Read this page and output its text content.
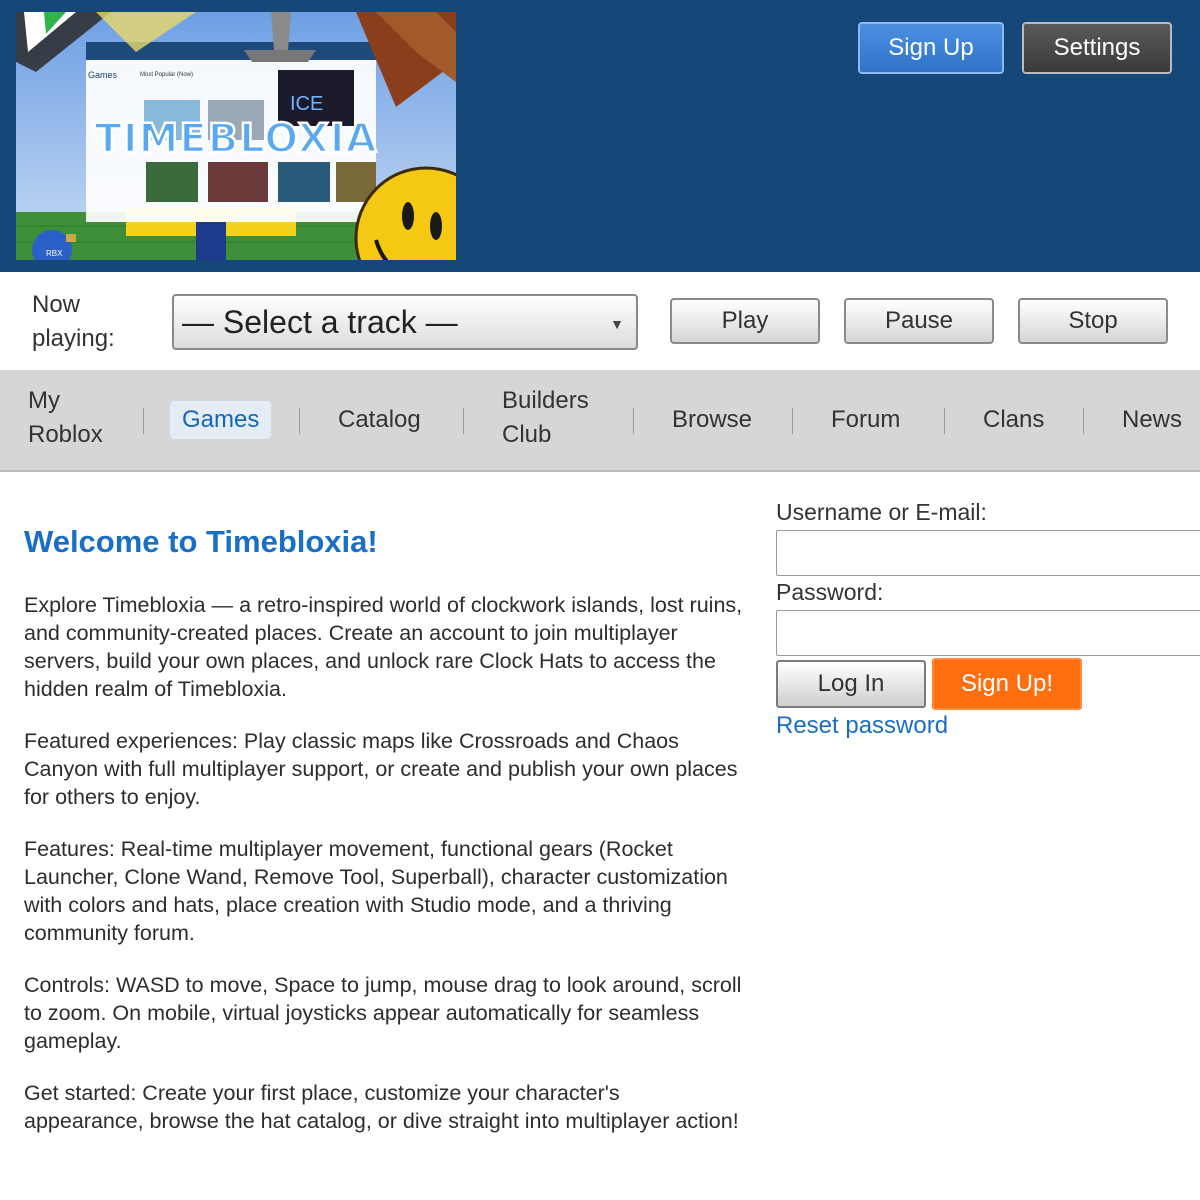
Games	Most Popular (Now)
ICE
TIMEBLOXIA
RBX
Sign Up	Settings
Now playing:	— Select a track —	▼	Play	Pause	Stop
My Roblox
Games	Catalog
Builders Club
Browse	Forum	Clans	News
Welcome to Timebloxia!
Explore Timebloxia — a retro-inspired world of clockwork islands, lost ruins, and community-created places. Create an account to join multiplayer servers, build your own places, and unlock rare Clock Hats to access the hidden realm of Timebloxia.
Featured experiences: Play classic maps like Crossroads and Chaos Canyon with full multiplayer support, or create and publish your own places for others to enjoy.
Features: Real-time multiplayer movement, functional gears (Rocket Launcher, Clone Wand, Remove Tool, Superball), character customization with colors and hats, place creation with Studio mode, and a thriving community forum.
Controls: WASD to move, Space to jump, mouse drag to look around, scroll to zoom. On mobile, virtual joysticks appear automatically for seamless gameplay.
Get started: Create your first place, customize your character's appearance, browse the hat catalog, or dive straight into multiplayer action!
Username or E-mail:
Password:
Log In	Sign Up!
Reset password
